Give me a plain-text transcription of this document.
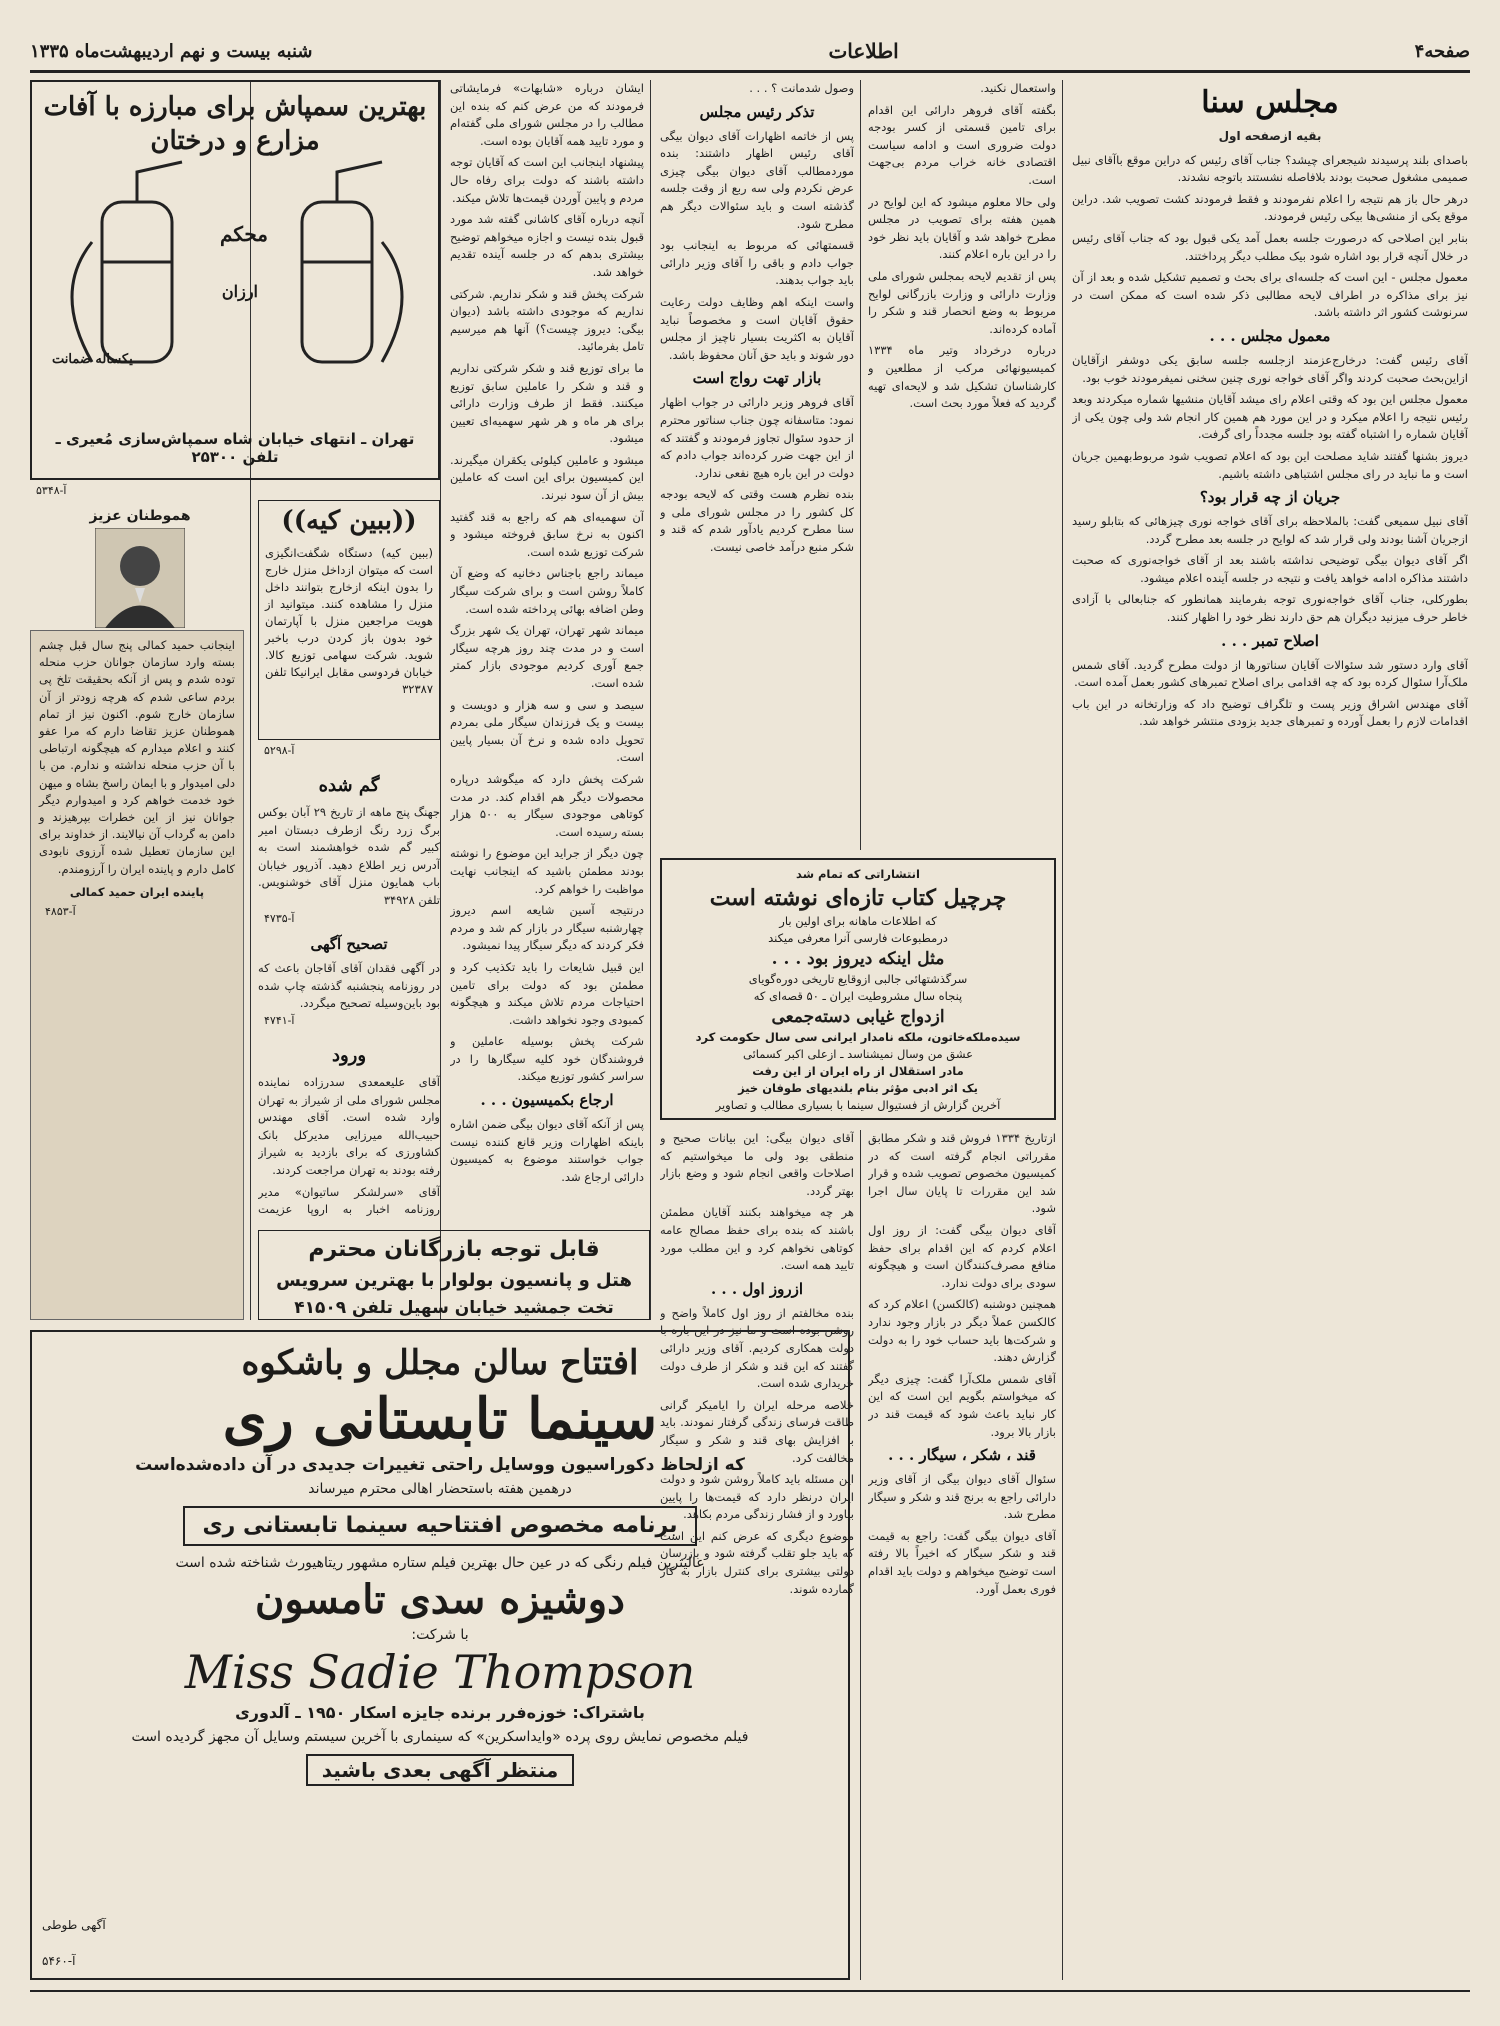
صفحه۴
اطلاعات
شنبه بیست و نهم اردیبهشت‌ماه ۱۳۳۵
مجلس سنا
بقیه ازصفحه اول

باصدای بلند پرسیدند شیجعرای چیشد؟ جناب آقای رئیس که دراین موقع باآقای نبیل صمیمی مشغول صحبت بودند بلافاصله نشستند باتوجه نشدند.

درهر حال باز هم نتیجه را اعلام نفرمودند و فقط فرمودند کشت تصویب شد. دراین موقع یکی از منشی‌ها بیکی رئیس فرمودند.

بنابر این اصلاحی که درصورت جلسه بعمل آمد یکی قبول بود که جناب آقای رئیس در خلال آنچه قرار بود اشاره شود بیک مطلب دیگر پرداختند.

معمول مجلس - این است که جلسه‌ای برای بحث و تصمیم تشکیل شده و بعد از آن نیز برای مذاکره در اطراف لایحه مطالبی ذکر شده است که ممکن است در سرنوشت کشور اثر داشته باشد.

معمول مجلس . . .

آقای رئیس گفت: درخارج‌عزمند ازجلسه جلسه سابق یکی دوشفر ازآقایان ازاین‌بحث صحبت کردند واگر آقای خواجه نوری چنین سخنی نمیفرمودند خوب بود.

معمول مجلس این بود که وقتی اعلام رای میشد آقایان منشیها شماره میکردند وبعد رئیس نتیجه را اعلام میکرد و در این مورد هم همین کار انجام شد ولی چون یکی از آقایان شماره را اشتباه گفته بود جلسه مجدداً رای گرفت.

دیروز بشنها گفتند شاید مصلحت این بود که اعلام تصویب شود مربوط‌بهمین جریان است و ما نباید در رای مجلس اشتباهی داشته باشیم.

جریان از چه قرار بود؟

آقای نبیل سمیعی گفت: بالملاحظه برای آقای خواجه نوری چیزهائی که بتابلو رسید ازجریان آشنا بودند ولی قرار شد که لوایح در جلسه بعد مطرح گردد.

اگر آقای دیوان بیگی توضیحی نداشته باشند بعد از آقای خواجه‌نوری که صحبت داشتند مذاکره ادامه خواهد یافت و نتیجه در جلسه آینده اعلام میشود.

بطورکلی، جناب آقای خواجه‌نوری توجه بفرمایند همانطور که جنابعالی با آزادی خاطر حرف میزنید دیگران هم حق دارند نظر خود را اظهار کنند.

اصلاح تمبر . . .

آقای وارد دستور شد سئوالات آقایان سناتورها از دولت مطرح گردید. آقای شمس ملک‌آرا سئوال کرده بود که چه اقدامی برای اصلاح تمبرهای کشور بعمل آمده است.

آقای مهندس اشراق وزیر پست و تلگراف توضیح داد که وزارتخانه در این باب اقدامات لازم را بعمل آورده و تمبرهای جدید بزودی منتشر خواهد شد.

واستعمال نکنید.

بگفته آقای فروهر دارائی این اقدام برای تامین قسمتی از کسر بودجه دولت ضروری است و ادامه سیاست اقتصادی خانه خراب مردم بی‌جهت است.

ولی حالا معلوم میشود که این لوایح در همین هفته برای تصویب در مجلس مطرح خواهد شد و آقایان باید نظر خود را در این باره اعلام کنند.

پس از تقدیم لایحه بمجلس شورای ملی وزارت دارائی و وزارت بازرگانی لوایح مربوط به وضع انحصار قند و شکر را آماده کرده‌اند.

درباره درخرداد وتیر ماه ۱۳۳۴ کمیسیونهائی مرکب از مطلعین و کارشناسان تشکیل شد و لایحه‌ای تهیه گردید که فعلاً مورد بحث است.

انتشاراتی که تمام شد
چرچیل کتاب تازه‌ای نوشته است
که اطلاعات ماهانه برای اولین بار
درمطبوعات فارسی آنرا معرفی میکند
مثل اینکه دیروز بود . . .
سرگذشتهائی جالبی ازوقایع تاریخی دوره‌گویای
پنجاه سال مشروطیت ایران ـ ۵۰ قصه‌ای که
ازدواج غیابی دسته‌جمعی
سیده‌ملکه‌خاتون، ملکه نامدار ایرانی سی سال حکومت کرد
عشق من وسال نمیشناسد ـ ازعلی اکبر کسمائی
مادر استقلال از راه ایران از این رفت
یک اثر ادبی مؤثر بنام بلندیهای طوفان خیز
آخرین گزارش از فستیوال سینما با بسیاری مطالب و تصاویر

ازتاریخ ۱۳۳۴ فروش قند و شکر مطابق مقرراتی انجام گرفته است که در کمیسیون مخصوص تصویب شده و قرار شد این مقررات تا پایان سال اجرا شود.

آقای دیوان بیگی گفت: از روز اول اعلام کردم که این اقدام برای حفظ منافع مصرف‌کنندگان است و هیچگونه سودی برای دولت ندارد.

همچنین دوشنبه (کالکسن) اعلام کرد که کالکسن عملاً دیگر در بازار وجود ندارد و شرکت‌ها باید حساب خود را به دولت گزارش دهند.

آقای شمس ملک‌آرا گفت: چیزی دیگر که میخواستم بگویم این است که این کار نباید باعث شود که قیمت قند در بازار بالا برود.

قند ، شکر ، سیگار . . .

سئوال آقای دیوان بیگی از آقای وزیر دارائی راجع به برنج قند و شکر و سیگار مطرح شد.

آقای دیوان بیگی گفت: راجع به قیمت قند و شکر سیگار که اخیراً بالا رفته است توضیح میخواهم و دولت باید اقدام فوری بعمل آورد.

وصول شدمانت ؟ . . .

تذکر رئیس مجلس

پس از خاتمه اظهارات آقای دیوان بیگی آقای رئیس اظهار داشتند: بنده موردمطالب آقای دیوان بیگی چیزی عرض نکردم ولی سه ربع از وقت جلسه گذشته است و باید سئوالات دیگر هم مطرح شود.

قسمتهائی که مربوط به اینجانب بود جواب دادم و باقی را آقای وزیر دارائی باید جواب بدهند.

واست اینکه اهم وظایف دولت رعایت حقوق آقایان است و مخصوصاً نباید آقایان به اکثریت بسیار ناچیز از مجلس دور شوند و باید حق آنان محفوظ باشد.

بازار تهت رواج است

آقای فروهر وزیر دارائی در جواب اظهار نمود: متاسفانه چون جناب سناتور محترم از حدود سئوال تجاوز فرمودند و گفتند که از این جهت ضرر کرده‌اند جواب دادم که دولت در این باره هیچ نفعی ندارد.

بنده نظرم هست وقتی که لایحه بودجه کل کشور را در مجلس شورای ملی و سنا مطرح کردیم یادآور شدم که قند و شکر منبع درآمد خاصی نیست.

آقای دیوان بیگی: این بیانات صحیح و منطقی بود ولی ما میخواستیم که اصلاحات واقعی انجام شود و وضع بازار بهتر گردد.

هر چه میخواهند بکنند آقایان مطمئن باشند که بنده برای حفظ مصالح عامه کوتاهی نخواهم کرد و این مطلب مورد تایید همه است.

ازروز اول . . .

بنده مخالفتم از روز اول کاملاً واضح و روشن بوده است و ما نیز در این باره با دولت همکاری کردیم. آقای وزیر دارائی گفتند که این قند و شکر از طرف دولت خریداری شده است.

خلاصه مرحله ایران را ایامیکر گرانی طاقت فرسای زندگی گرفتار نمودند. باید با افزایش بهای قند و شکر و سیگار مخالفت کرد.

این مسئله باید کاملاً روشن شود و دولت ایران درنظر دارد که قیمت‌ها را پایین بیاورد و از فشار زندگی مردم بکاهد.

موضوع دیگری که عرض کنم این است که باید جلو تقلب گرفته شود و بازرسان دولتی بیشتری برای کنترل بازار به کار گمارده شوند.

ایشان درباره «شابهات» فرمایشاتی فرمودند که من عرض کنم که بنده این مطالب را در مجلس شورای ملی گفته‌ام و مورد تایید همه آقایان بوده است.

پیشنهاد اینجانب این است که آقایان توجه داشته باشند که دولت برای رفاه حال مردم و پایین آوردن قیمت‌ها تلاش میکند.

آنچه درباره آقای کاشانی گفته شد مورد قبول بنده نیست و اجازه میخواهم توضیح بیشتری بدهم که در جلسه آینده تقدیم خواهد شد.

شرکت پخش قند و شکر نداریم. شرکتی نداریم که موجودی داشته باشد (دیوان بیگی: دیروز چیست؟) آنها هم میرسیم تامل بفرمائید.

ما برای توزیع قند و شکر شرکتی نداریم و قند و شکر را عاملین سابق توزیع میکنند. فقط از طرف وزارت دارائی برای هر ماه و هر شهر سهمیه‌ای تعیین میشود.

میشود و عاملین کیلوئی یکقران میگیرند. این کمیسیون برای این است که عاملین بیش از آن سود نبرند.

آن سهمیه‌ای هم که راجع به قند گفتید اکنون به نرخ سابق فروخته میشود و شرکت توزیع شده است.

میماند راجع باجناس دخانیه که وضع آن کاملاً روشن است و برای شرکت سیگار وطن اضافه بهائی پرداخته شده است.

میماند شهر تهران، تهران یک شهر بزرگ است و در مدت چند روز هرچه سیگار جمع آوری کردیم موجودی بازار کمتر شده است.

سیصد و سی و سه‌ هزار و دویست و بیست و یک فرزندان سیگار ملی بمردم تحویل داده شده و نرخ آن بسیار پایین است.

شرکت پخش دارد که میگوشد درپاره محصولات دیگر هم اقدام کند. در مدت کوتاهی موجودی سیگار به ۵۰۰ هزار بسته رسیده است.

چون دیگر از جراید این موضوع را نوشته بودند مطمئن باشید که اینجانب نهایت مواظبت را خواهم کرد.

درنتیجه آسین شایعه اسم دیروز چهارشنبه سیگار در بازار کم شد و مردم فکر کردند که دیگر سیگار پیدا نمیشود.

این قبیل شایعات را باید تکذیب کرد و مطمئن بود که دولت برای تامین احتیاجات مردم تلاش میکند و هیچگونه کمبودی وجود نخواهد داشت.

شرکت پخش بوسیله عاملین و فروشندگان خود کلیه سیگارها را در سراسر کشور توزیع میکند.

ارجاع بکمیسیون . . .

پس از آنکه آقای دیوان بیگی ضمن اشاره باینکه اظهارات وزیر قانع کننده نیست جواب خواستند موضوع به کمیسیون دارائی ارجاع شد.

بهترین سمپاش برای مبارزه با آفات مزارع و درختان
محکم
ارزان
یکساله ضمانت
تهران ـ انتهای خیابان شاه سمپاش‌سازی مُعیری ـ تلفن ۲۵۳۰۰
آ-۵۳۴۸
((ببین کیه))
(ببین کیه) دستگاه شگفت‌انگیزی است که میتوان ازداخل منزل خارج را بدون اینکه ازخارج بتوانند داخل منزل را مشاهده کنند. میتوانید از هویت مراجعین منزل با آپارتمان خود بدون باز کردن درب باخبر شوید. شرکت سهامی توزیع کالا. خیابان فردوسی مقابل ایرانیکا تلفن ۳۲۳۸۷
آ-۵۲۹۸
گم شده

جهنگ پنج ماهه از تاریخ ۲۹ آبان بوکس برگ زرد رنگ ازطرف دبستان امیر کبیر گم شده خواهشمند است به آدرس زیر اطلاع دهید. آذرپور خیابان باب همایون منزل آقای خوشنویس. تلفن ۳۴۹۲۸

آ-۴۷۳۵
تصحیح آگهی

در آگهی فقدان آقای آقاجان باعث که در روزنامه پنجشنبه گذشته چاپ شده بود باین‌وسیله تصحیح میگردد.

آ-۴۷۴۱
ورود

آقای علیعمعدی سدرزاده نماینده مجلس شورای ملی از شیراز به تهران وارد شده است. آقای مهندس حبیب‌الله میرزایی مدیرکل بانک کشاورزی که برای بازدید به شیراز رفته بودند به تهران مراجعت کردند.

آقای «سرلشکر ساتیوان» مدیر روزنامه اخبار به اروپا عزیمت

قابل توجه بازرگانان محترم
هتل و پانسیون بولوار با بهترین سرویس
تخت جمشید خیابان سهیل تلفن ۴۱۵۰۹
هموطنان عزیز

اینجانب حمید کمالی پنج سال قبل چشم بسته وارد سازمان جوانان حزب منحله توده شدم و پس از آنکه بحقیقت تلخ پی بردم ساعی شدم که هرچه زودتر از آن سازمان خارج شوم. اکنون نیز از تمام هموطنان عزیز تقاضا دارم که مرا عفو کنند و اعلام میدارم که هیچگونه ارتباطی با آن حزب منحله نداشته و ندارم. من با دلی امیدوار و با ایمان راسخ بشاه و میهن خود خدمت خواهم کرد و امیدوارم دیگر جوانان نیز از این خطرات بپرهیزند و دامن به گرداب آن نیالایند. از خداوند برای این سازمان تعطیل شده آرزوی نابودی کامل دارم و پاینده ایران را آرزومندم.

پاینده ایران حمید کمالی

آ-۴۸۵۳
افتتاح سالن مجلل و باشکوه
سینما تابستانی ری
که ازلحاظ دکوراسیون ووسایل راحتی تغییرات جدیدی در آن داده‌شده‌است
درهمین هفته باستحضار اهالی محترم میرساند
برنامه مخصوص افتتاحیه سینما تابستانی ری
عالیترین فیلم رنگی که در عین حال بهترین فیلم ستاره مشهور ریتاهیورث شناخته شده است
دوشیزه سدی تامسون
با شرکت:
Miss Sadie Thompson
باشتراک: خوزه‌فرر برنده جایزه اسکار ۱۹۵۰ ـ آلدوری
فیلم مخصوص نمایش روی پرده «وایداسکرین» که سینماری با آخرین سیستم وسایل آن مجهز گردیده است
منتظر آگهی بعدی باشید
آگهی طوطی
آ-۵۴۶۰
